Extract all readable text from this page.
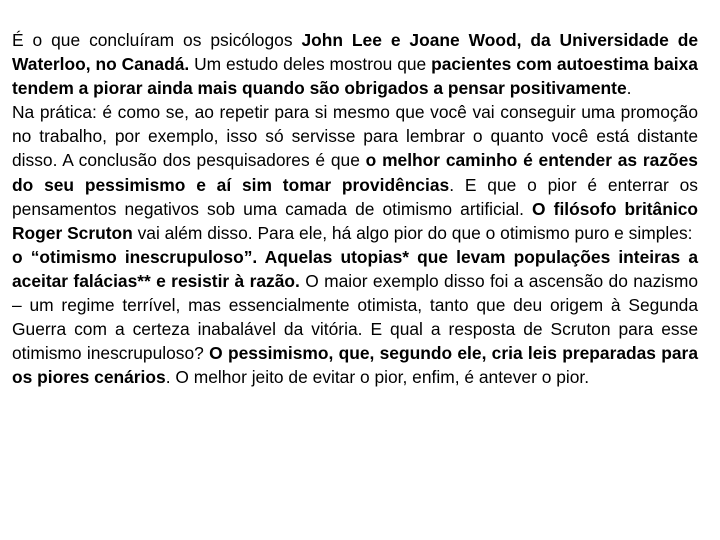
É o que concluíram os psicólogos John Lee e Joane Wood, da Universidade de Waterloo, no Canadá. Um estudo deles mostrou que pacientes com autoestima baixa tendem a piorar ainda mais quando são obrigados a pensar positivamente.

Na prática: é como se, ao repetir para si mesmo que você vai conseguir uma promoção no trabalho, por exemplo, isso só servisse para lembrar o quanto você está distante disso. A conclusão dos pesquisadores é que o melhor caminho é entender as razões do seu pessimismo e aí sim tomar providências. E que o pior é enterrar os pensamentos negativos sob uma camada de otimismo artificial. O filósofo britânico Roger Scruton vai além disso. Para ele, há algo pior do que o otimismo puro e simples:

o “otimismo inescrupuloso”. Aquelas utopias* que levam populações inteiras a aceitar falácias** e resistir à razão. O maior exemplo disso foi a ascensão do nazismo – um regime terrível, mas essencialmente otimista, tanto que deu origem à Segunda Guerra com a certeza inabalável da vitória. E qual a resposta de Scruton para esse otimismo inescrupuloso? O pessimismo, que, segundo ele, cria leis preparadas para os piores cenários. O melhor jeito de evitar o pior, enfim, é antever o pior.
